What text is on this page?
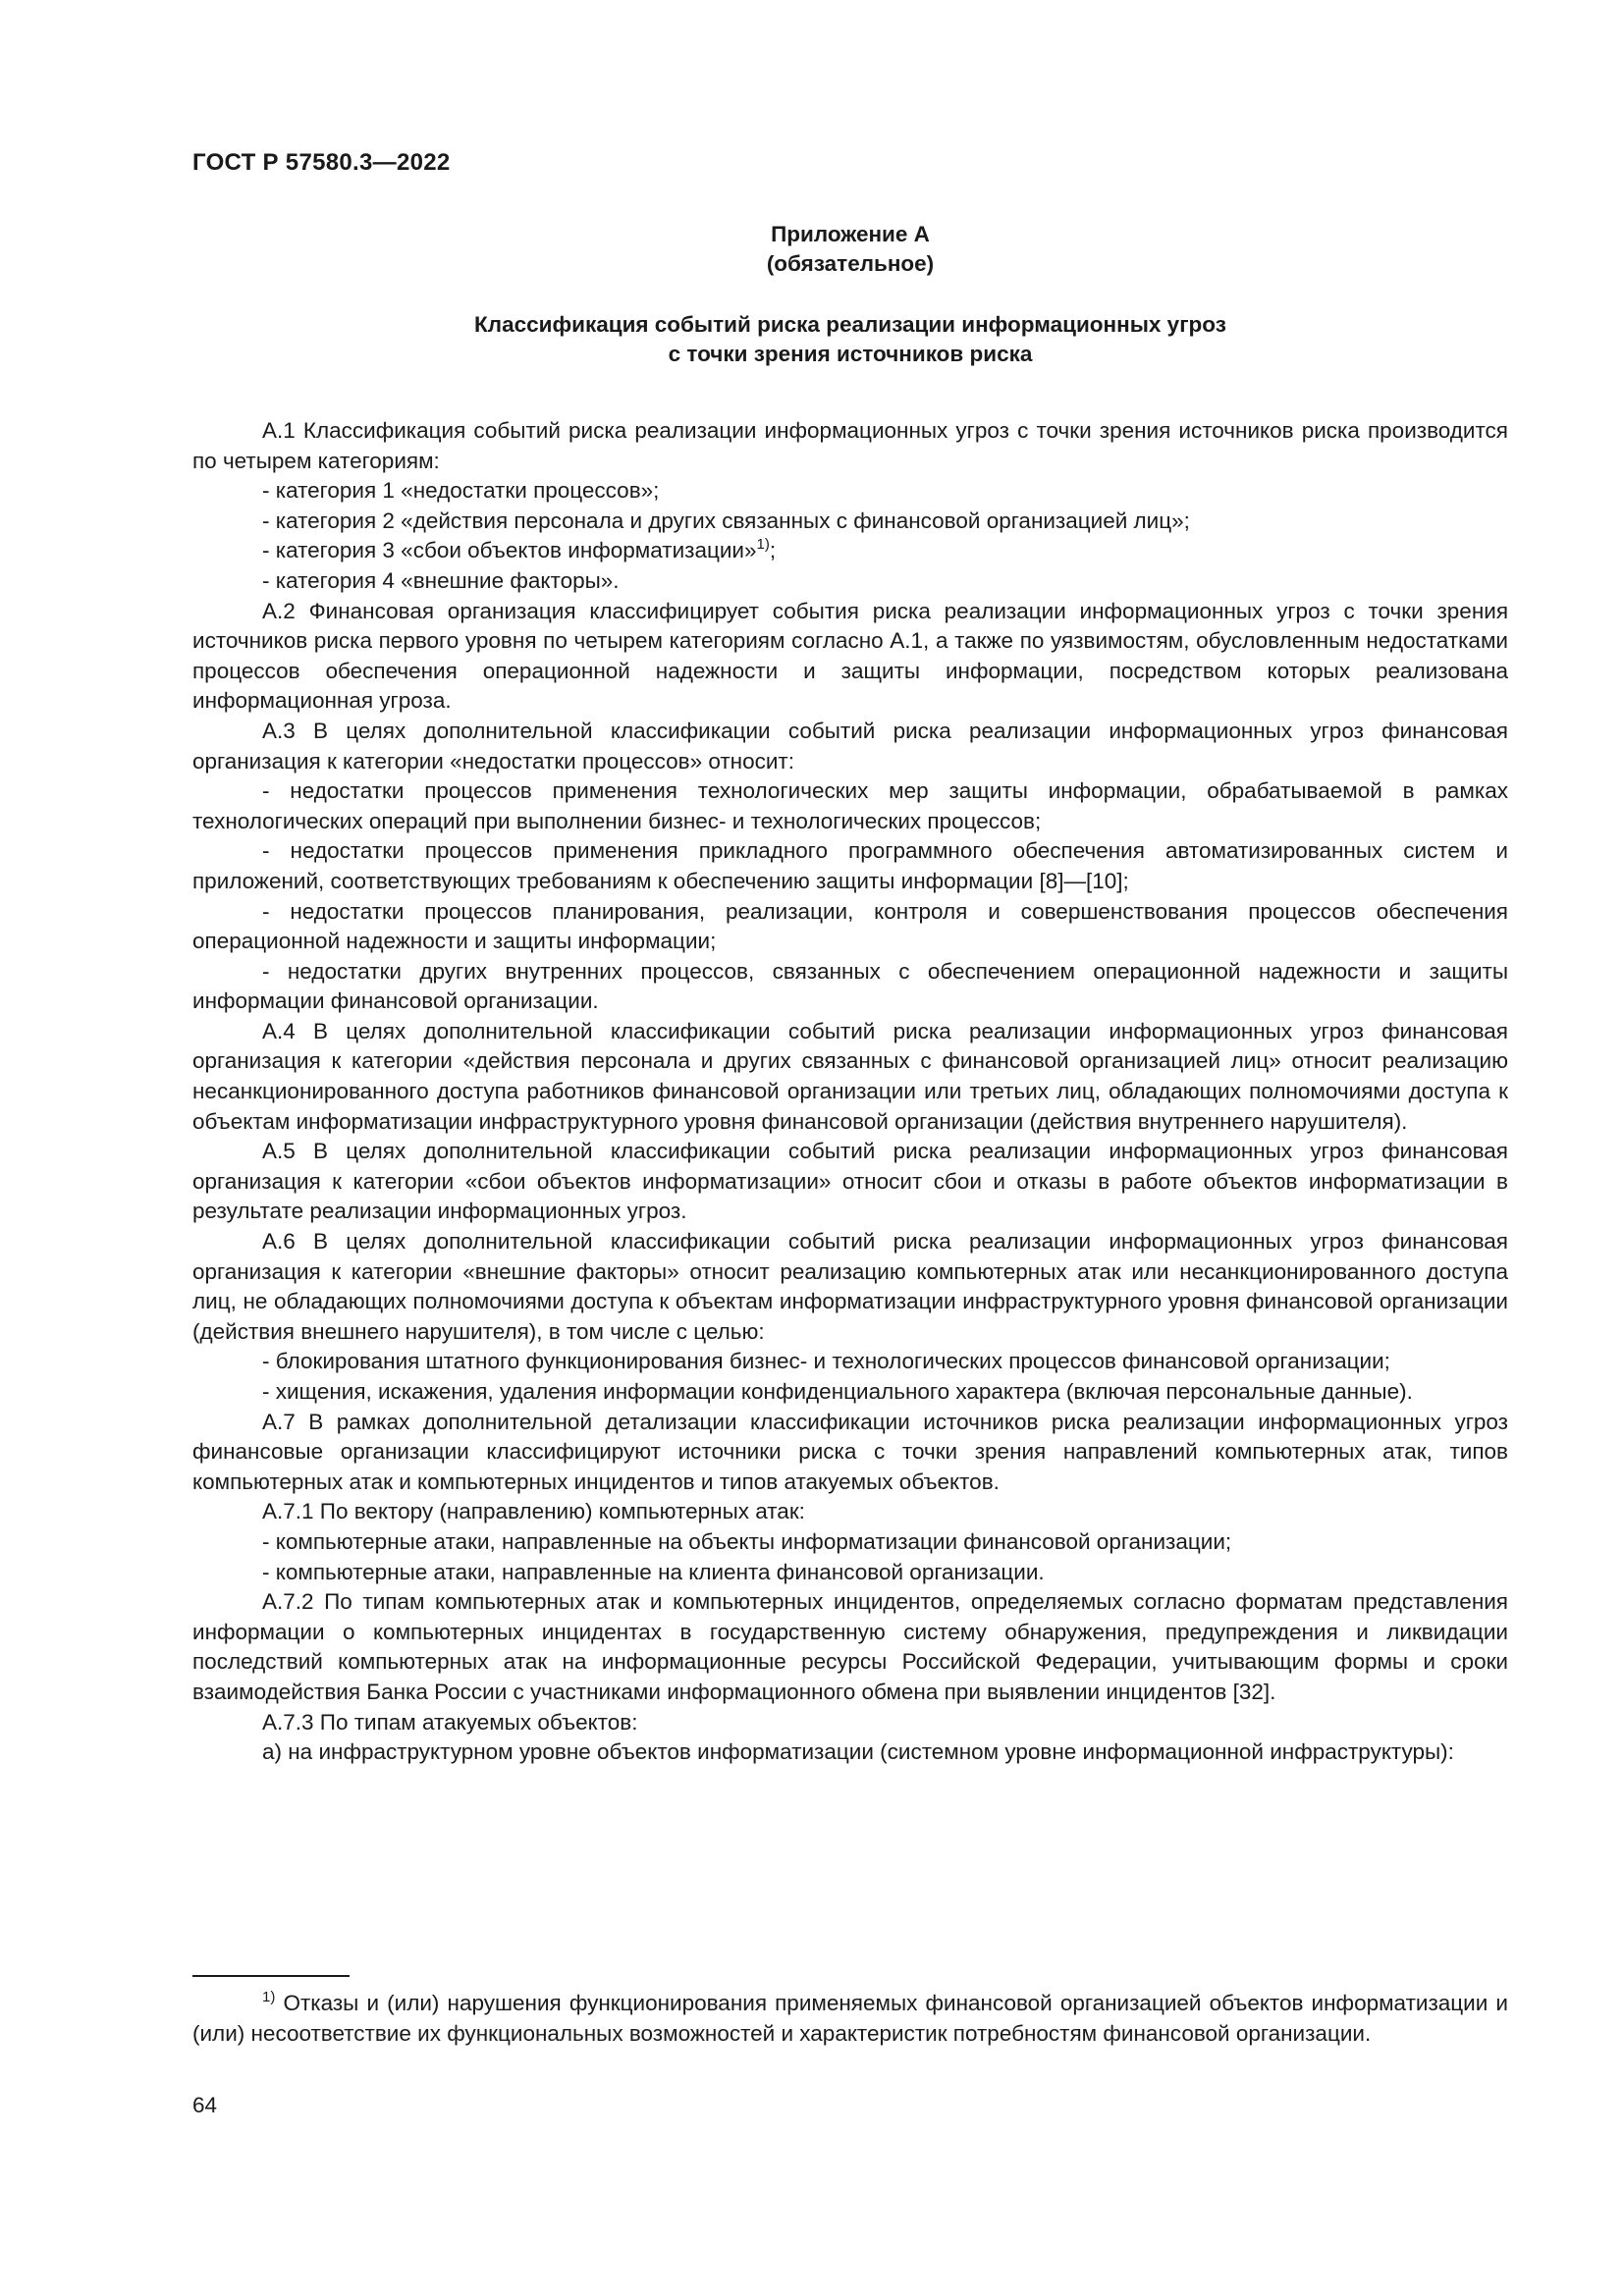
ГОСТ Р 57580.3—2022
Приложение А
(обязательное)
Классификация событий риска реализации информационных угроз
с точки зрения источников риска

А.1 Классификация событий риска реализации информационных угроз с точки зрения источников риска производится по четырем категориям:

- категория 1 «недостатки процессов»;

- категория 2 «действия персонала и других связанных с финансовой организацией лиц»;

- категория 3 «сбои объектов информатизации»$^{1)}$;

- категория 4 «внешние факторы».

А.2 Финансовая организация классифицирует события риска реализации информационных угроз с точки зрения источников риска первого уровня по четырем категориям согласно А.1, а также по уязвимостям, обусловленным недостатками процессов обеспечения операционной надежности и защиты информации, посредством которых реализована информационная угроза.

А.3 В целях дополнительной классификации событий риска реализации информационных угроз финансовая организация к категории «недостатки процессов» относит:

- недостатки процессов применения технологических мер защиты информации, обрабатываемой в рамках технологических операций при выполнении бизнес- и технологических процессов;

- недостатки процессов применения прикладного программного обеспечения автоматизированных систем и приложений, соответствующих требованиям к обеспечению защиты информации [8]—[10];

- недостатки процессов планирования, реализации, контроля и совершенствования процессов обеспечения операционной надежности и защиты информации;

- недостатки других внутренних процессов, связанных с обеспечением операционной надежности и защиты информации финансовой организации.

А.4 В целях дополнительной классификации событий риска реализации информационных угроз финансовая организация к категории «действия персонала и других связанных с финансовой организацией лиц» относит реализацию несанкционированного доступа работников финансовой организации или третьих лиц, обладающих полномочиями доступа к объектам информатизации инфраструктурного уровня финансовой организации (действия внутреннего нарушителя).

А.5 В целях дополнительной классификации событий риска реализации информационных угроз финансовая организация к категории «сбои объектов информатизации» относит сбои и отказы в работе объектов информатизации в результате реализации информационных угроз.

А.6 В целях дополнительной классификации событий риска реализации информационных угроз финансовая организация к категории «внешние факторы» относит реализацию компьютерных атак или несанкционированного доступа лиц, не обладающих полномочиями доступа к объектам информатизации инфраструктурного уровня финансовой организации (действия внешнего нарушителя), в том числе с целью:

- блокирования штатного функционирования бизнес- и технологических процессов финансовой организации;

- хищения, искажения, удаления информации конфиденциального характера (включая персональные данные).

А.7 В рамках дополнительной детализации классификации источников риска реализации информационных угроз финансовые организации классифицируют источники риска с точки зрения направлений компьютерных атак, типов компьютерных атак и компьютерных инцидентов и типов атакуемых объектов.

А.7.1 По вектору (направлению) компьютерных атак:

- компьютерные атаки, направленные на объекты информатизации финансовой организации;

- компьютерные атаки, направленные на клиента финансовой организации.

А.7.2 По типам компьютерных атак и компьютерных инцидентов, определяемых согласно форматам представления информации о компьютерных инцидентах в государственную систему обнаружения, предупреждения и ликвидации последствий компьютерных атак на информационные ресурсы Российской Федерации, учитывающим формы и сроки взаимодействия Банка России с участниками информационного обмена при выявлении инцидентов [32].

А.7.3 По типам атакуемых объектов:

а) на инфраструктурном уровне объектов информатизации (системном уровне информационной инфраструктуры):

$^{1)}$ Отказы и (или) нарушения функционирования применяемых финансовой организацией объектов информатизации и (или) несоответствие их функциональных возможностей и характеристик потребностям финансовой организации.

64
